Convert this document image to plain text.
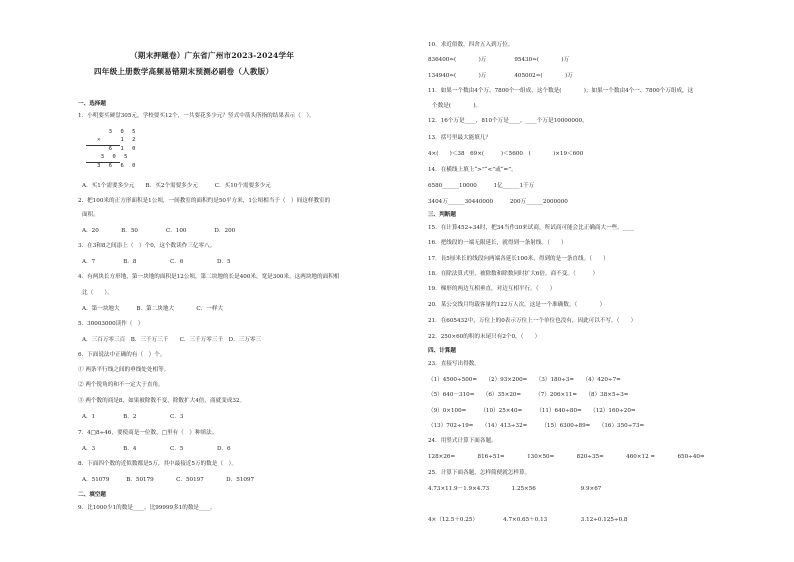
（期末押题卷）广东省广州市2023-2024学年
四年级上册数学高频易错期末预测必刷卷（人教版）
一、选择题
1．小明要买硬盘305元，学校要买12个，一共要花多少元？竖式中箭头所指的结果表示（　）。
3 0 5
×   1 2
6 1 0
3 0 5
3 6 6 0
A．买1个需要多少元　　B．买2个需要多少元　　　C．买10个需要多少元
2．把100米的正方形面积是1公顷，一间教室的面积约是50平方米，1公顷相当于（　）间这样教室的
面积。
A．20　　　　B．50　　　　　C．100　　　　　D．200
3．在3和8之间添上（　）个0，这个数读作三亿零八。
A．7　　　　　B．8　　　　　　C．6　　　　　　D．5
4．有两块长方形地，第一块地的面积是12公顷，第二块地的长是400米，宽是300米，这两块地的面积相
比（　　）。
A．第一块地大　　　B．第二块地大　　　　C．一样大
5．30003000读作（　）
A．三百万零三百　B．三千万三千　　C．三千万零三千　D．三万零三
6．下面说法中正确的有（　）个。
① 两条平行线之间的垂线处处相等。
② 两个锐角的和不一定大于直角。
③ 两个数的商是8，如果被除数不变，除数扩大4倍，商就变成32。
A．1　　　　　B．2　　　　　　C．3
7．4□8÷46，要使商是一位数，□里有（　）种填法。
A．3　　　　　B．4　　　　　　C．5　　　　　　D．6
8．下面四个数的近似数都是5万，其中最接近5万的数是（　）。
A．51079　　　B．50179　　　　C．50197　　　　D．51097
二、填空题
9．比1000少1的数是____，比99999多1的数是____。
10．求近似数，四舍五入到万位。
836400≈(　　　　)万　　　　　95430≈(　　　　)万
134940≈(　　　　)万　　　　　405002≈(　　　　)万
11．如果一个数由4个万、7800个一组成，这个数是(　　　　)；如果一个数由4个一、7800个万组成，这
个数是(　　　　)。
12．16个万是____，810个万是____，____个万是10000000。
13．括号里最大能填几？
4×(　　)＜38　69×(　　　)＜5600　(　　　　)×19＜600
14．在横线上填上“>”“<”或“=”。
6580______10000　　　1亿______1千万
3404万______30440000　　　200万______2000000
三、判断题
15．在计算452÷34时，把34当作30来试商，所试商可能会比正确商大一些。____
16．把线段的一端无限延长，就得到一条射线。（　　）
17．長5厘米长的线段向两端各延长100米，得到的是一条直线。（　　）
18．在除法算式里，被除数和除数同时扩大6倍，商不变。（　　　）
19．梯形的两边互相垂直，对边互相平行。（　　）
20．某公交线月均载客量约122万人次，这是一个准确数。（　　　　）
21．在605432中，万位上的0表示万位上一个单位也没有，因此可以不写。（　　）
22．250×60的积的末尾只有2个0。（　　）
四、计算题
23．直接写出得数。
（1）4500÷500=　　（2）93×200=　　（3）180÷3=　　（4）420÷7=
（5）640－310=　　（6）35×20=　　　（7）206×11=　　（8）38×5÷3=
（9）0×100=　　　（10）25×40=　　　（11）640÷80=　　（12）160÷20=
（13）702÷19=　　（14）413÷32=　　　（15）6300÷89=　　（16）350÷73=
24．用竖式计算下面各题。
128×26=　　　　816÷51=　　　　130×50=　　　　820÷35=　　　　460×12 =　　　　650÷40=
25．计算下面各题，怎样简便就怎样算。
4.73×11.9－1.9×4.73　　　　1.25×56　　　　　　　　9.9×67
4×（12.5＋0.25）　　　　　4.7×0.65＋0.13　　　　　　3.12÷0.125÷0.8
